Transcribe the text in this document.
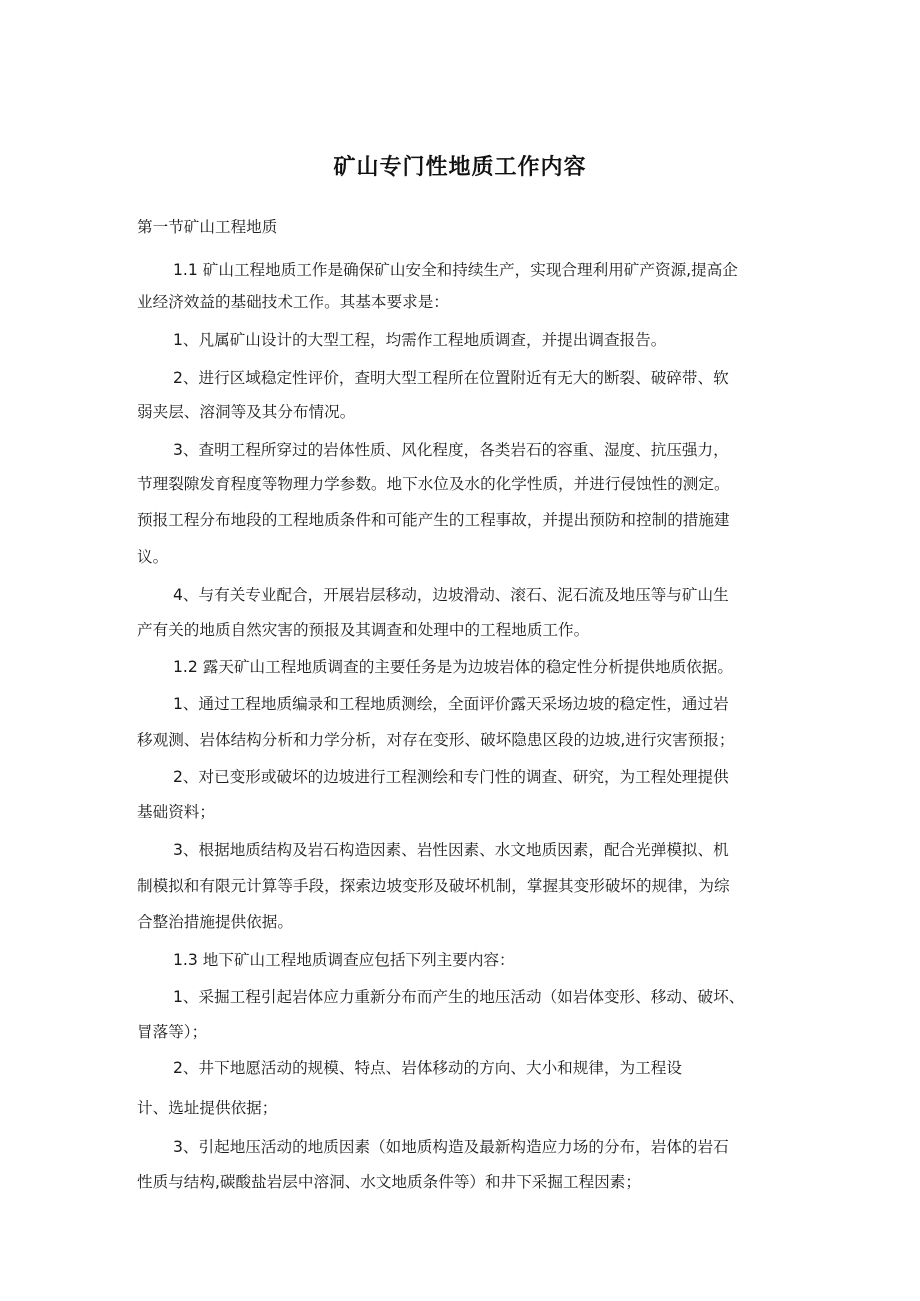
矿山专门性地质工作内容
第一节矿山工程地质
1.1 矿山工程地质工作是确保矿山安全和持续生产，实现合理利用矿产资源,提高企
业经济效益的基础技术工作。其基本要求是：
1、凡属矿山设计的大型工程，均需作工程地质调查，并提出调查报告。
2、进行区域稳定性评价，查明大型工程所在位置附近有无大的断裂、破碎带、软
弱夹层、溶洞等及其分布情况。
3、查明工程所穿过的岩体性质、风化程度，各类岩石的容重、湿度、抗压强力，
节理裂隙发育程度等物理力学参数。地下水位及水的化学性质，并进行侵蚀性的测定。
预报工程分布地段的工程地质条件和可能产生的工程事故，并提出预防和控制的措施建
议。
4、与有关专业配合，开展岩层移动，边坡滑动、滚石、泥石流及地压等与矿山生
产有关的地质自然灾害的预报及其调查和处理中的工程地质工作。
1.2 露天矿山工程地质调查的主要任务是为边坡岩体的稳定性分析提供地质依据。
1、通过工程地质编录和工程地质测绘，全面评价露天采场边坡的稳定性，通过岩
移观测、岩体结构分析和力学分析，对存在变形、破坏隐患区段的边坡,进行灾害预报；
2、对已变形或破坏的边坡进行工程测绘和专门性的调查、研究，为工程处理提供
基础资料；
3、根据地质结构及岩石构造因素、岩性因素、水文地质因素，配合光弹模拟、机
制模拟和有限元计算等手段，探索边坡变形及破坏机制，掌握其变形破坏的规律，为综
合整治措施提供依据。
1.3 地下矿山工程地质调查应包括下列主要内容：
1、采掘工程引起岩体应力重新分布而产生的地压活动（如岩体变形、移动、破坏、
冒落等）；
2、井下地愿活动的规模、特点、岩体移动的方向、大小和规律，为工程设
计、选址提供依据；
3、引起地压活动的地质因素（如地质构造及最新构造应力场的分布，岩体的岩石
性质与结构,碳酸盐岩层中溶洞、水文地质条件等）和井下采掘工程因素；
